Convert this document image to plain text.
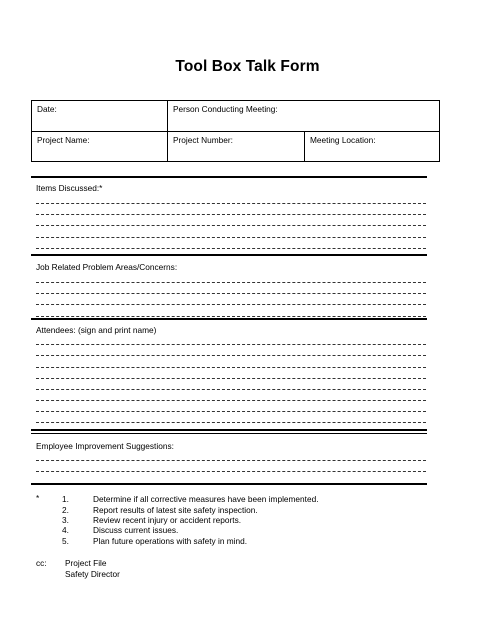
Tool Box Talk Form
Date:	Person Conducting Meeting:	
Project Name:	Project Number:	Meeting Location:
Items Discussed:*
Job Related Problem Areas/Concerns:
Attendees: (sign and print name)
Employee Improvement Suggestions:
*	1.	Determine if all corrective measures have been implemented.
2.	Report results of latest site safety inspection.
3.	Review recent injury or accident reports.
4.	Discuss current issues.
5.	Plan future operations with safety in mind.
cc: Project File
Safety Director
